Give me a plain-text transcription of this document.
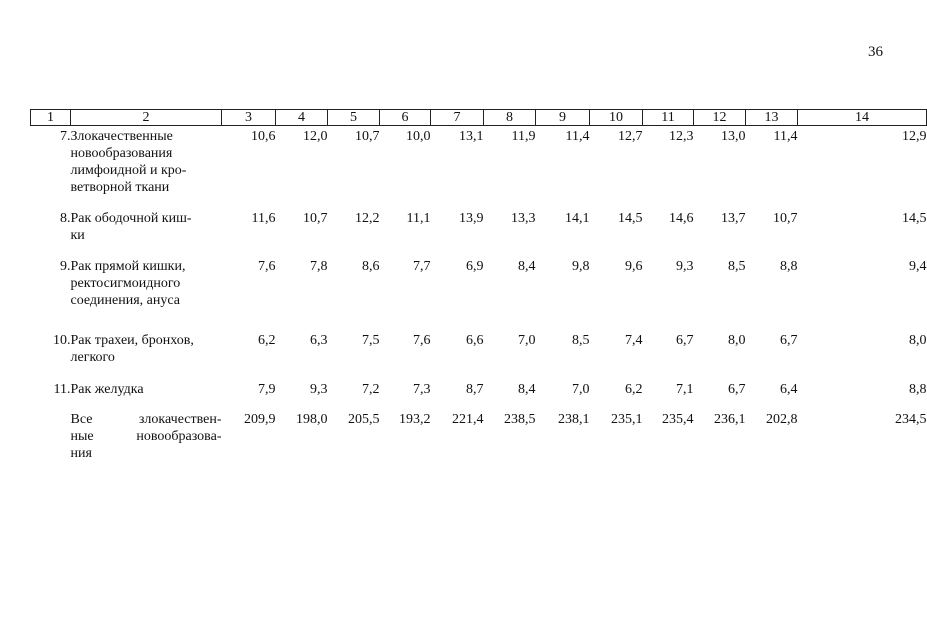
36
1	2	3	4	5	6	7	8	9	10	11	12	13	14
7.	Злокачественные
новообразования
лимфоидной и кро-
ветворной ткани	10,6	12,0	10,7	10,0	13,1	11,9	11,4	12,7	12,3	13,0	11,4	12,9
8.	Рак ободочной киш-
ки	11,6	10,7	12,2	11,1	13,9	13,3	14,1	14,5	14,6	13,7	10,7	14,5
9.	Рак прямой кишки,
ректосигмоидного
соединения, ануса	7,6	7,8	8,6	7,7	6,9	8,4	9,8	9,6	9,3	8,5	8,8	9,4
10.	Рак трахеи, бронхов,
легкого	6,2	6,3	7,5	7,6	6,6	7,0	8,5	7,4	6,7	8,0	6,7	8,0
11.	Рак желудка	7,9	9,3	7,2	7,3	8,7	8,4	7,0	6,2	7,1	6,7	6,4	8,8

	Все злокачествен-
ные новообразова-
ния	209,9	198,0	205,5	193,2	221,4	238,5	238,1	235,1	235,4	236,1	202,8	234,5
